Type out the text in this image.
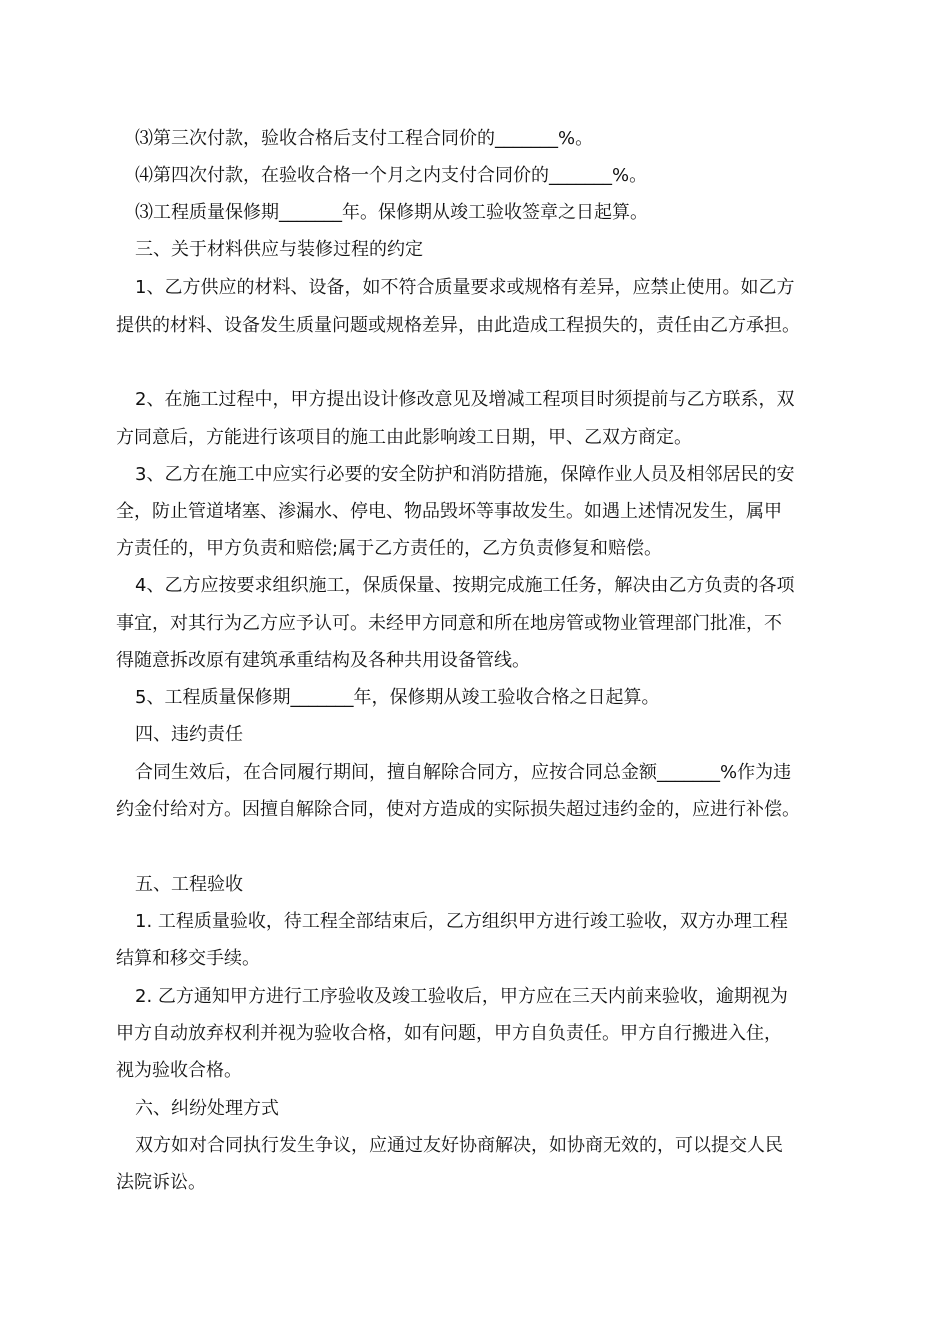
⑶第三次付款，验收合格后支付工程合同价的_______%。
⑷第四次付款，在验收合格一个月之内支付合同价的_______%。
⑶工程质量保修期_______年。保修期从竣工验收签章之日起算。
三、关于材料供应与装修过程的约定
1、乙方供应的材料、设备，如不符合质量要求或规格有差异，应禁止使用。如乙方
提供的材料、设备发生质量问题或规格差异，由此造成工程损失的，责任由乙方承担。
2、在施工过程中，甲方提出设计修改意见及增减工程项目时须提前与乙方联系，双
方同意后，方能进行该项目的施工由此影响竣工日期，甲、乙双方商定。
3、乙方在施工中应实行必要的安全防护和消防措施，保障作业人员及相邻居民的安
全，防止管道堵塞、渗漏水、停电、物品毁坏等事故发生。如遇上述情况发生，属甲
方责任的，甲方负责和赔偿;属于乙方责任的，乙方负责修复和赔偿。
4、乙方应按要求组织施工，保质保量、按期完成施工任务，解决由乙方负责的各项
事宜，对其行为乙方应予认可。未经甲方同意和所在地房管或物业管理部门批准，不
得随意拆改原有建筑承重结构及各种共用设备管线。
5、工程质量保修期_______年，保修期从竣工验收合格之日起算。
四、违约责任
合同生效后，在合同履行期间，擅自解除合同方，应按合同总金额_______%作为违
约金付给对方。因擅自解除合同，使对方造成的实际损失超过违约金的，应进行补偿。
五、工程验收
1. 工程质量验收，待工程全部结束后，乙方组织甲方进行竣工验收，双方办理工程
结算和移交手续。
2. 乙方通知甲方进行工序验收及竣工验收后，甲方应在三天内前来验收，逾期视为
甲方自动放弃权利并视为验收合格，如有问题，甲方自负责任。甲方自行搬进入住，
视为验收合格。
六、纠纷处理方式
双方如对合同执行发生争议，应通过友好协商解决，如协商无效的，可以提交人民
法院诉讼。
